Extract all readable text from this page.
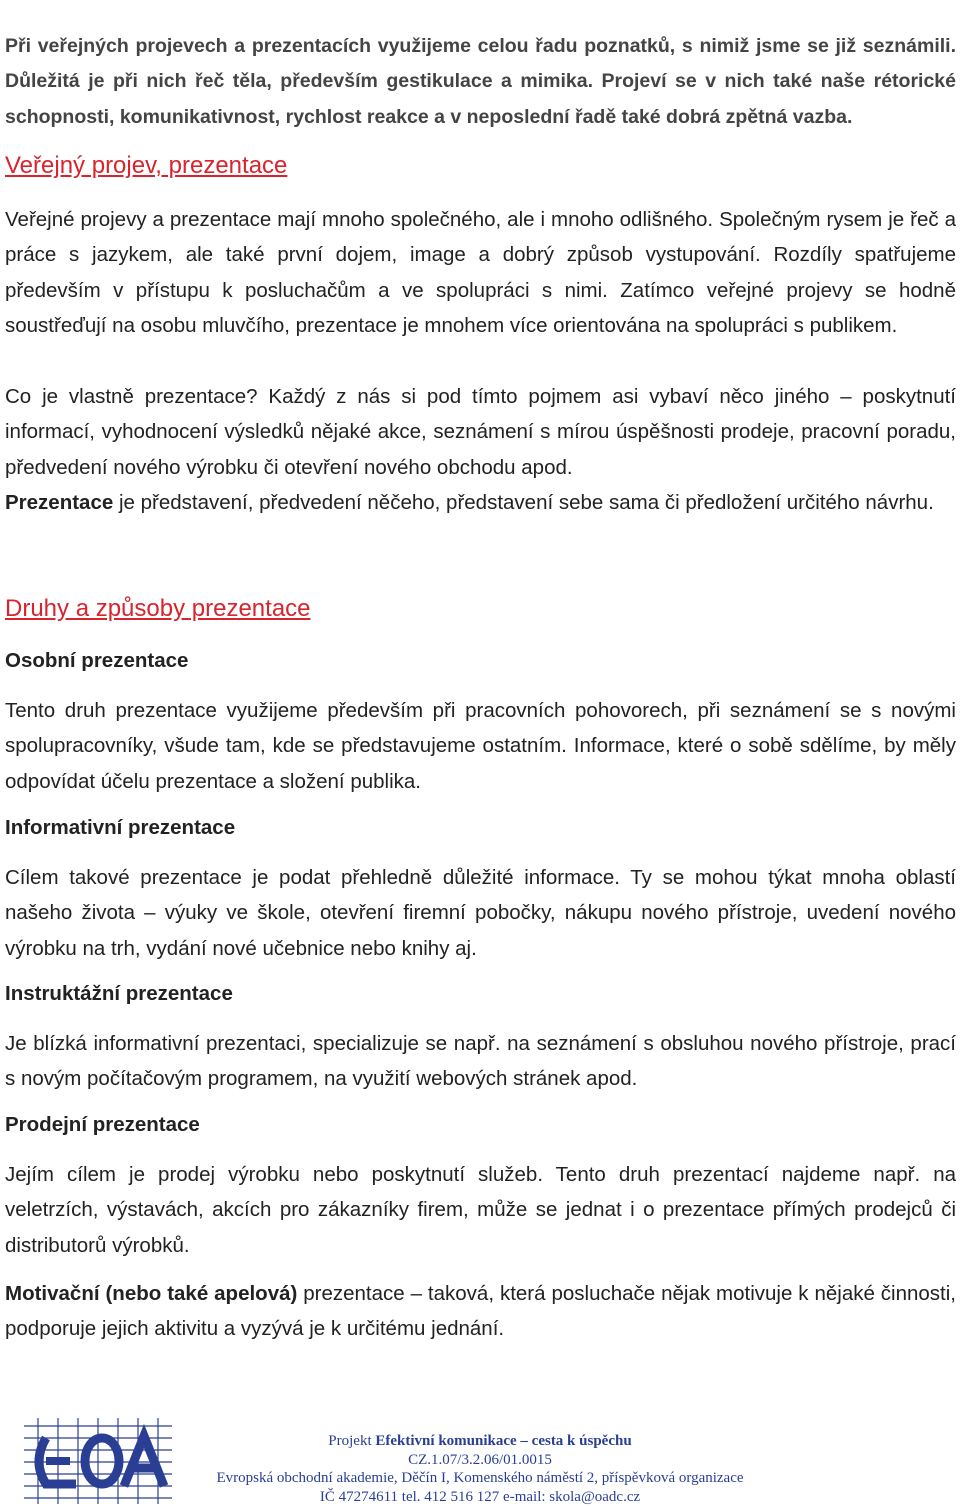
Při veřejných projevech a prezentacích využijeme celou řadu poznatků, s nimiž jsme se již seznámili. Důležitá je při nich řeč těla, především gestikulace a mimika. Projeví se v nich také naše rétorické schopnosti, komunikativnost, rychlost reakce a v neposlední řadě také dobrá zpětná vazba.

Veřejný projev, prezentace

Veřejné projevy a prezentace mají mnoho společného, ale i mnoho odlišného. Společným rysem je řeč a práce s jazykem, ale také první dojem, image a dobrý způsob vystupování. Rozdíly spatřujeme především v přístupu k posluchačům a ve spolupráci s nimi. Zatímco veřejné projevy se hodně soustřeďují na osobu mluvčího, prezentace je mnohem více orientována na spolupráci s publikem.

Co je vlastně prezentace? Každý z nás si pod tímto pojmem asi vybaví něco jiného – poskytnutí informací, vyhodnocení výsledků nějaké akce, seznámení s mírou úspěšnosti prodeje, pracovní poradu, předvedení nového výrobku či otevření nového obchodu apod.

Prezentace je představení, předvedení něčeho, představení sebe sama či předložení určitého návrhu.

Druhy a způsoby prezentace
Osobní prezentace

Tento druh prezentace využijeme především při pracovních pohovorech, při seznámení se s novými spolupracovníky, všude tam, kde se představujeme ostatním. Informace, které o sobě sdělíme, by měly odpovídat účelu prezentace a složení publika.

Informativní prezentace

Cílem takové prezentace je podat přehledně důležité informace. Ty se mohou týkat mnoha oblastí našeho života – výuky ve škole, otevření firemní pobočky, nákupu nového přístroje, uvedení nového výrobku na trh, vydání nové učebnice nebo knihy aj.

Instruktážní prezentace

Je blízká informativní prezentaci, specializuje se např. na seznámení s obsluhou nového přístroje, prací s novým počítačovým programem, na využití webových stránek apod.

Prodejní prezentace

Jejím cílem je prodej výrobku nebo poskytnutí služeb. Tento druh prezentací najdeme např. na veletrzích, výstavách, akcích pro zákazníky firem, může se jednat i o prezentace přímých prodejců či distributorů výrobků.

Motivační (nebo také apelová) prezentace – taková, která posluchače nějak motivuje k nějaké činnosti, podporuje jejich aktivitu a vyzývá je k určitému jednání.

Projekt Efektivní komunikace – cesta k úspěchu
CZ.1.07/3.2.06/01.0015
Evropská obchodní akademie, Děčín I, Komenského náměstí 2, příspěvková organizace
IČ 47274611 tel. 412 516 127 e-mail: skola@oadc.cz
